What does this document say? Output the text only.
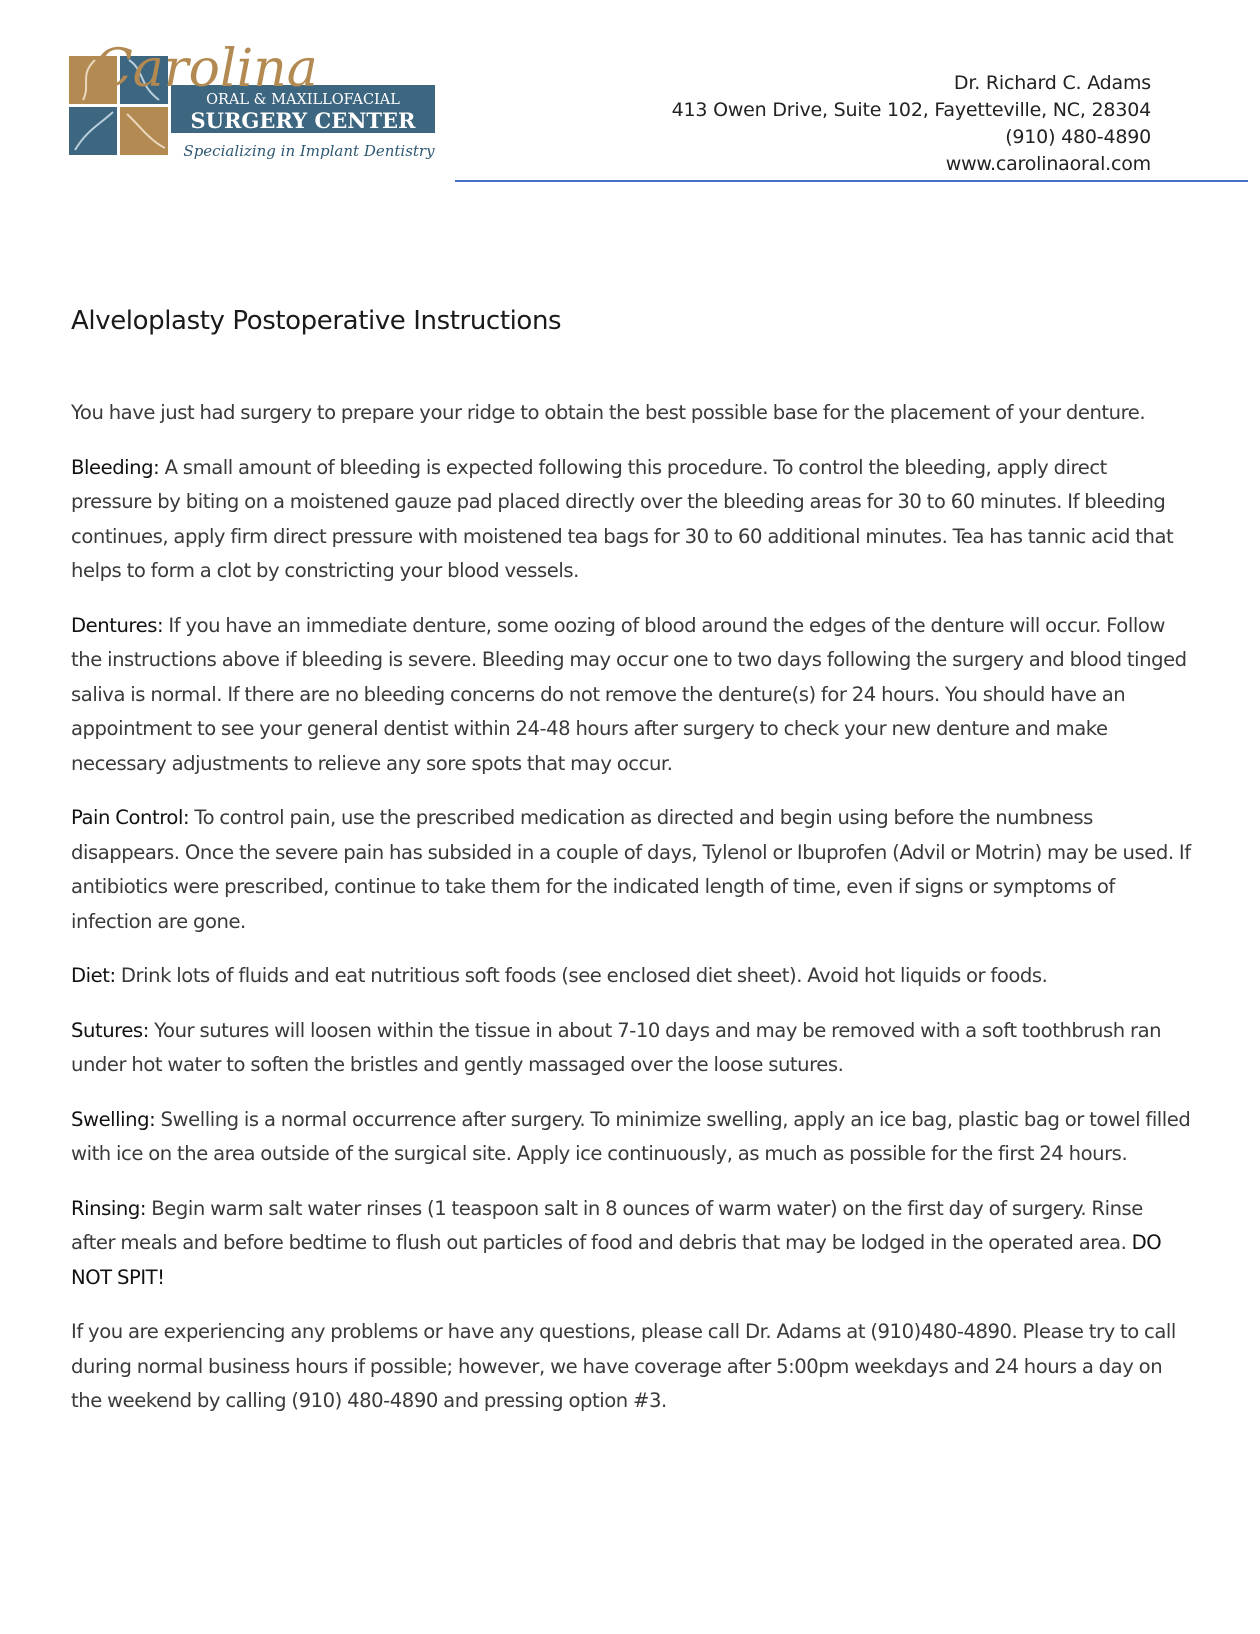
Carolina
ORAL & MAXILLOFACIAL
SURGERY CENTER
Specializing in Implant Dentistry
Dr. Richard C. Adams
413 Owen Drive, Suite 102, Fayetteville, NC, 28304
(910) 480-4890
www.carolinaoral.com
Alveloplasty Postoperative Instructions

You have just had surgery to prepare your ridge to obtain the best possible base for the placement of your denture.

Bleeding: A small amount of bleeding is expected following this procedure. To control the bleeding, apply direct pressure by biting on a moistened gauze pad placed directly over the bleeding areas for 30 to 60 minutes. If bleeding continues, apply firm direct pressure with moistened tea bags for 30 to 60 additional minutes. Tea has tannic acid that helps to form a clot by constricting your blood vessels.

Dentures: If you have an immediate denture, some oozing of blood around the edges of the denture will occur. Follow the instructions above if bleeding is severe. Bleeding may occur one to two days following the surgery and blood tinged saliva is normal. If there are no bleeding concerns do not remove the denture(s) for 24 hours. You should have an appointment to see your general dentist within 24-48 hours after surgery to check your new denture and make necessary adjustments to relieve any sore spots that may occur.

Pain Control: To control pain, use the prescribed medication as directed and begin using before the numbness disappears. Once the severe pain has subsided in a couple of days, Tylenol or Ibuprofen (Advil or Motrin) may be used. If antibiotics were prescribed, continue to take them for the indicated length of time, even if signs or symptoms of infection are gone.

Diet: Drink lots of fluids and eat nutritious soft foods (see enclosed diet sheet). Avoid hot liquids or foods.

Sutures: Your sutures will loosen within the tissue in about 7-10 days and may be removed with a soft toothbrush ran under hot water to soften the bristles and gently massaged over the loose sutures.

Swelling: Swelling is a normal occurrence after surgery. To minimize swelling, apply an ice bag, plastic bag or towel filled with ice on the area outside of the surgical site. Apply ice continuously, as much as possible for the first 24 hours.

Rinsing: Begin warm salt water rinses (1 teaspoon salt in 8 ounces of warm water) on the first day of surgery. Rinse after meals and before bedtime to flush out particles of food and debris that may be lodged in the operated area. DO NOT SPIT!

If you are experiencing any problems or have any questions, please call Dr. Adams at (910)480-4890. Please try to call during normal business hours if possible; however, we have coverage after 5:00pm weekdays and 24 hours a day on the weekend by calling (910) 480-4890 and pressing option #3.
